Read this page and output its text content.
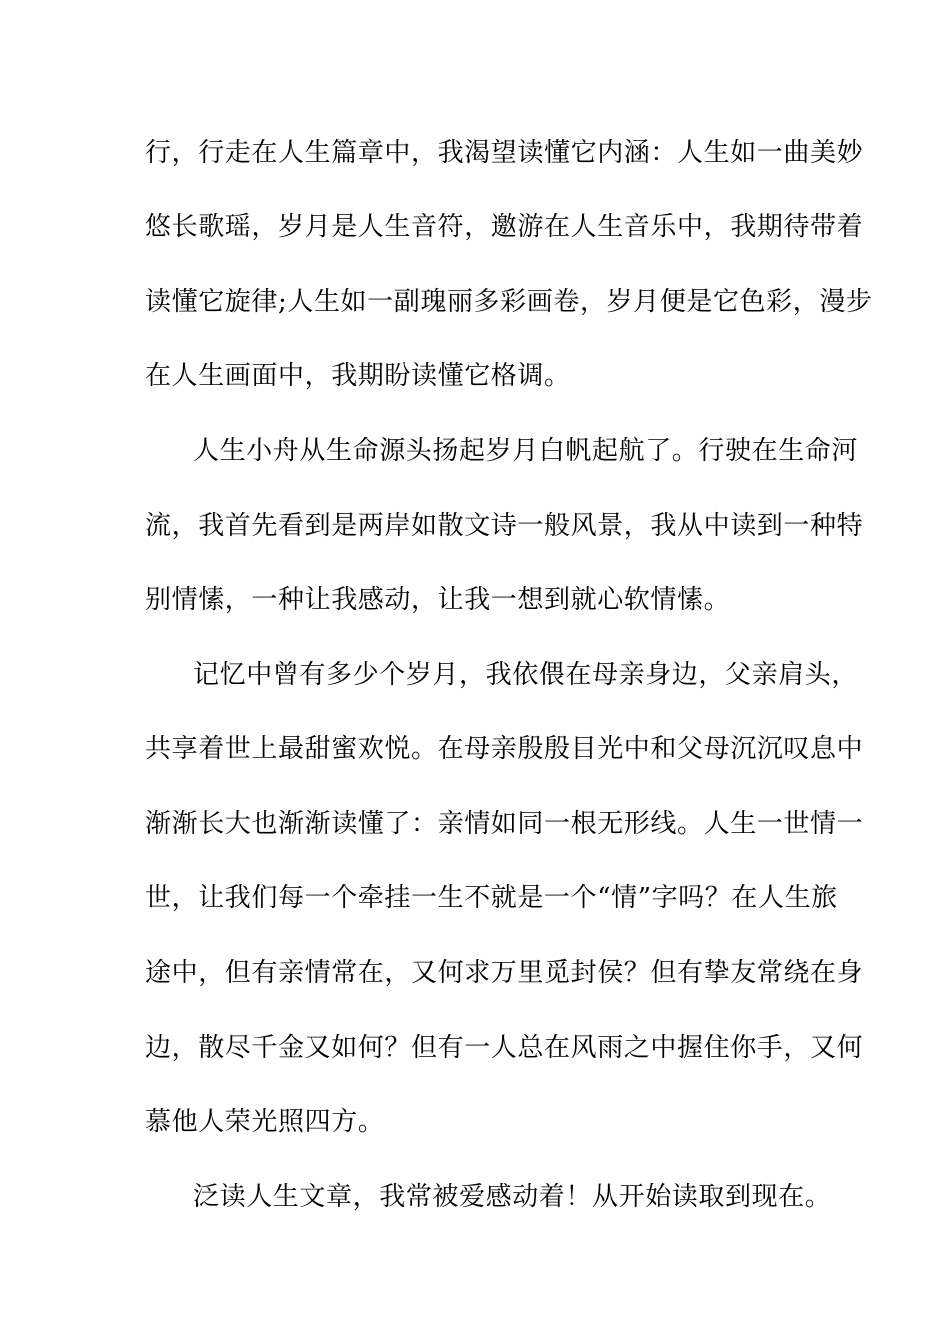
行，行走在人生篇章中，我渴望读懂它内涵：人生如一曲美妙
悠长歌瑶，岁月是人生音符，邀游在人生音乐中，我期待带着
读懂它旋律;人生如一副瑰丽多彩画卷，岁月便是它色彩，漫步
在人生画面中，我期盼读懂它格调。
人生小舟从生命源头扬起岁月白帆起航了。行驶在生命河
流，我首先看到是两岸如散文诗一般风景，我从中读到一种特
别情愫，一种让我感动，让我一想到就心软情愫。
记忆中曾有多少个岁月，我依偎在母亲身边，父亲肩头，
共享着世上最甜蜜欢悦。在母亲殷殷目光中和父母沉沉叹息中
渐渐长大也渐渐读懂了：亲情如同一根无形线。人生一世情一
世，让我们每一个牵挂一生不就是一个“情”字吗？在人生旅
途中，但有亲情常在，又何求万里觅封侯？但有挚友常绕在身
边，散尽千金又如何？但有一人总在风雨之中握住你手，又何
慕他人荣光照四方。
泛读人生文章，我常被爱感动着！从开始读取到现在。
